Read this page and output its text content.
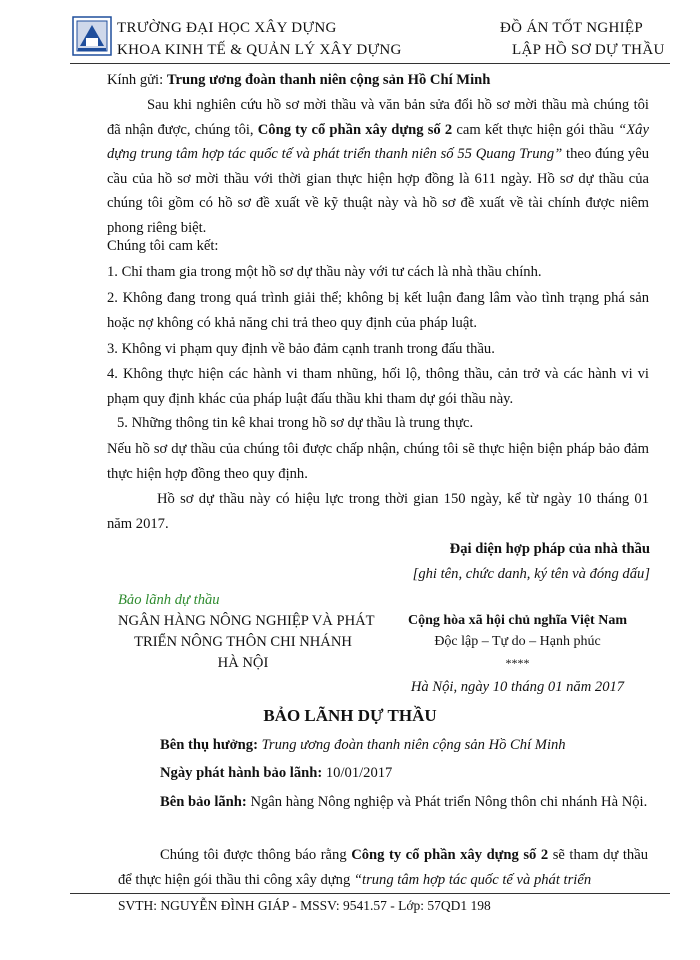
TRƯỜNG ĐẠI HỌC XÂY DỰNG
KHOA KINH TẾ & QUẢN LÝ XÂY DỰNG
ĐỒ ÁN TỐT NGHIỆP
LẬP HỒ SƠ DỰ THẦU
Kính gửi: Trung ương đoàn thanh niên cộng sản Hồ Chí Minh
Sau khi nghiên cứu hồ sơ mời thầu và văn bản sửa đổi hồ sơ mời thầu mà chúng tôi đã nhận được, chúng tôi, Công ty cổ phần xây dựng số 2 cam kết thực hiện gói thầu “Xây dựng trung tâm hợp tác quốc tế và phát triển thanh niên số 55 Quang Trung” theo đúng yêu cầu của hồ sơ mời thầu với thời gian thực hiện hợp đồng là 611 ngày. Hồ sơ dự thầu của chúng tôi gồm có hồ sơ đề xuất về kỹ thuật này và hồ sơ đề xuất về tài chính được niêm phong riêng biệt.
Chúng tôi cam kết:
1. Chỉ tham gia trong một hồ sơ dự thầu này với tư cách là nhà thầu chính.
2. Không đang trong quá trình giải thể; không bị kết luận đang lâm vào tình trạng phá sản hoặc nợ không có khả năng chi trả theo quy định của pháp luật.
3. Không vi phạm quy định về bảo đảm cạnh tranh trong đấu thầu.
4. Không thực hiện các hành vi tham nhũng, hối lộ, thông thầu, cản trở và các hành vi vi phạm quy định khác của pháp luật đấu thầu khi tham dự gói thầu này.
5. Những thông tin kê khai trong hồ sơ dự thầu là trung thực.
Nếu hồ sơ dự thầu của chúng tôi được chấp nhận, chúng tôi sẽ thực hiện biện pháp bảo đảm thực hiện hợp đồng theo quy định.
Hồ sơ dự thầu này có hiệu lực trong thời gian 150 ngày, kể từ ngày 10 tháng 01 năm 2017.
Đại diện hợp pháp của nhà thầu
[ghi tên, chức danh, ký tên và đóng dấu]
Bảo lãnh dự thầu
NGÂN HÀNG NÔNG NGHIỆP VÀ PHÁT
TRIỂN NÔNG THÔN CHI NHÁNH
HÀ NỘI
Cộng hòa xã hội chủ nghĩa Việt Nam
Độc lập – Tự do – Hạnh phúc
****
Hà Nội, ngày 10 tháng 01 năm 2017
BẢO LÃNH DỰ THẦU
Bên thụ hưởng: Trung ương đoàn thanh niên cộng sản Hồ Chí Minh
Ngày phát hành bảo lãnh: 10/01/2017
Bên bảo lãnh: Ngân hàng Nông nghiệp và Phát triển Nông thôn chi nhánh Hà Nội.
Chúng tôi được thông báo rằng Công ty cổ phần xây dựng số 2 sẽ tham dự thầu để thực hiện gói thầu thi công xây dựng “trung tâm hợp tác quốc tế và phát triển
SVTH: NGUYỄN ĐÌNH GIÁP - MSSV: 9541.57 - Lớp: 57QD1 198
